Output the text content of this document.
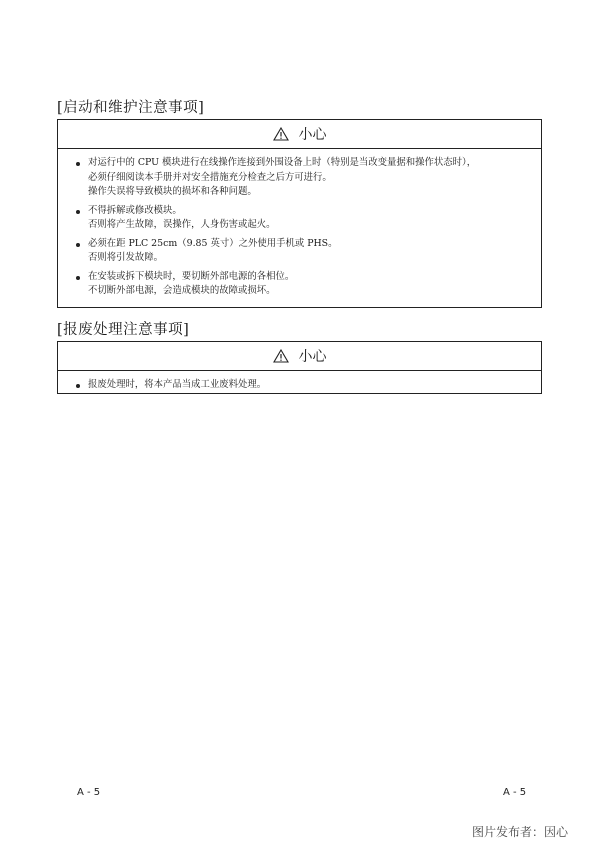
[启动和维护注意事项]
小心
对运行中的 CPU 模块进行在线操作连接到外围设备上时（特别是当改变量据和操作状态时），
必须仔细阅读本手册并对安全措施充分检查之后方可进行。
操作失误将导致模块的损坏和各种问题。
不得拆解或修改模块。
否则将产生故障，误操作，人身伤害或起火。
必须在距 PLC 25cm（9.85 英寸）之外使用手机或 PHS。
否则将引发故障。
在安装或拆下模块时，要切断外部电源的各相位。
不切断外部电源，会造成模块的故障或损坏。
[报废处理注意事项]
小心
报废处理时，将本产品当成工业废料处理。
A - 5	A - 5
图片发布者：因心
